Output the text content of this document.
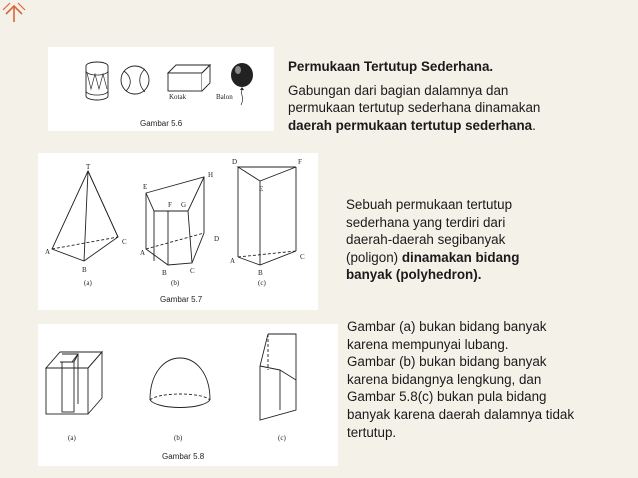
Kotak	Balon
Gambar 5.6
T
A
B
C
(a)
E
F G
H
A
B	C
D
(b)
D	F
E
A
B
C
(c)
Gambar 5.7
(a)	(b)	(c)
Gambar 5.8
Permukaan Tertutup Sederhana.
Gabungan dari bagian dalamnya dan
permukaan tertutup sederhana dinamakan
daerah permukaan tertutup sederhana.
Sebuah permukaan tertutup
sederhana yang terdiri dari
daerah-daerah segibanyak
(poligon) dinamakan bidang
banyak (polyhedron).
Gambar (a) bukan bidang banyak
karena mempunyai lubang.
Gambar (b) bukan bidang banyak
karena bidangnya lengkung, dan
Gambar 5.8(c) bukan pula bidang
banyak karena daerah dalamnya tidak
tertutup.
